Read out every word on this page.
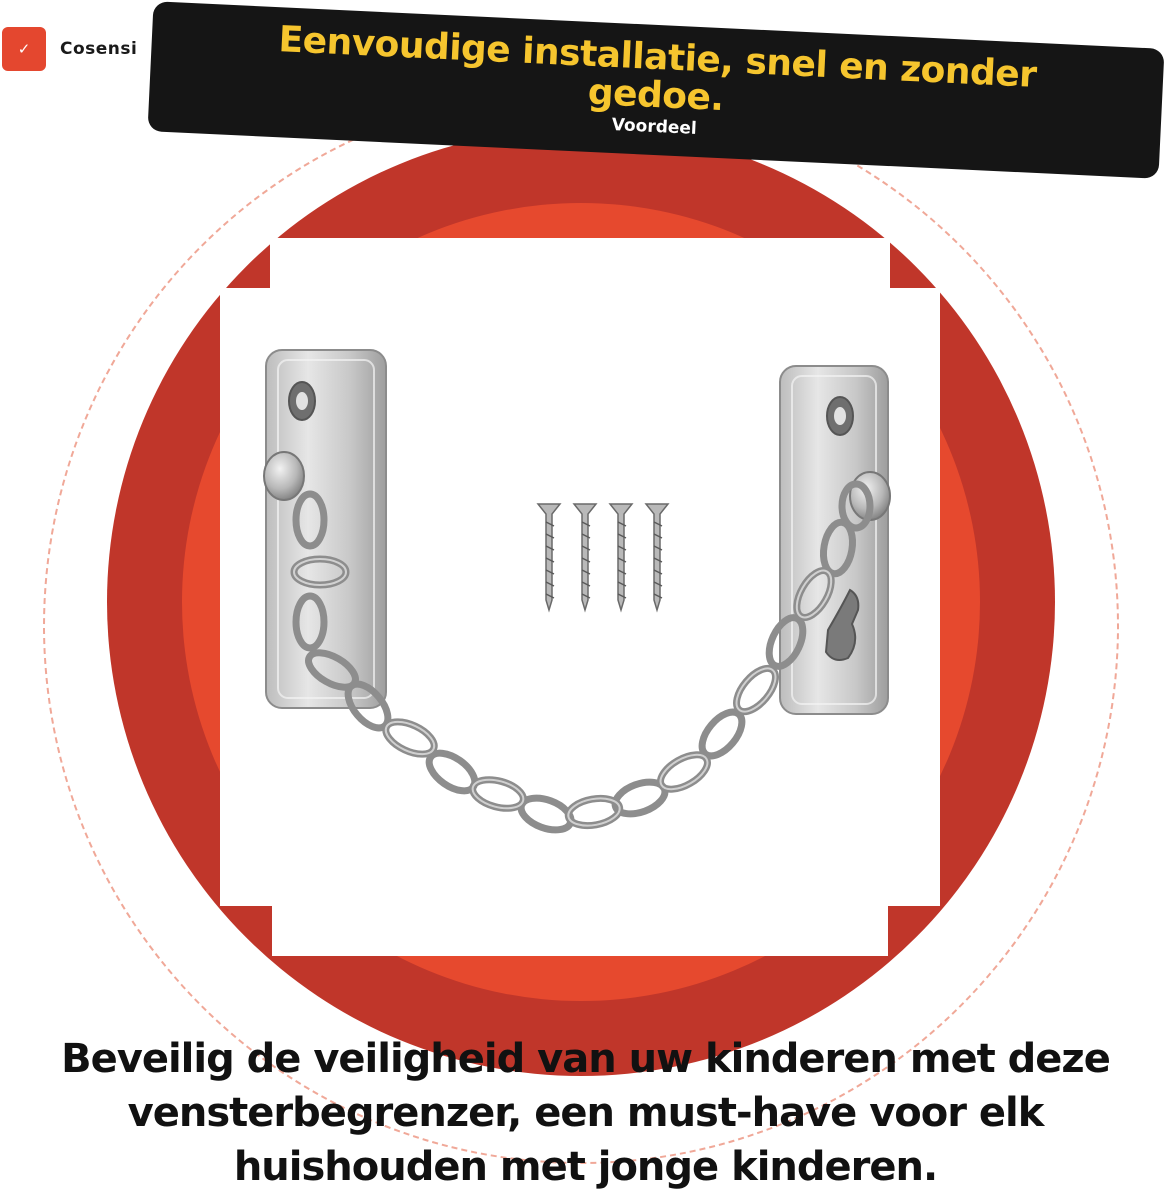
✓	Cosensi	Eenvoudige installatie, snel en zonder gedoe.
Voordeel
Beveilig de veiligheid van uw kinderen met deze vensterbegrenzer, een must-have voor elk huishouden met jonge kinderen.
